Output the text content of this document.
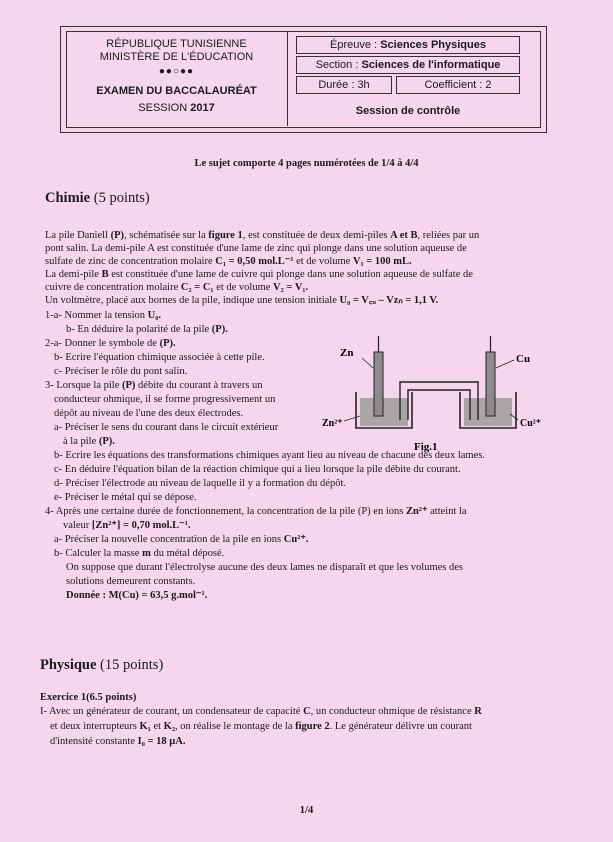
RÉPUBLIQUE TUNISIENNE
MINISTÈRE DE L'ÉDUCATION
●●○●●
EXAMEN DU BACCALAURÉAT
SESSION 2017
Épreuve :
Sciences Physiques
Section :
Sciences de l'informatique
Durée : 3h	Coefficient : 2
Session de contrôle
Le sujet comporte 4 pages numérotées de 1/4 à 4/4
Chimie (5 points)
La pile Daniell (P), schématisée sur la figure 1, est constituée de deux demi-piles A et B, reliées par un
pont salin. La demi-pile A est constituée d'une lame de zinc qui plonge dans une solution aqueuse de
sulfate de zinc de concentration molaire C₁ = 0,50 mol.L⁻¹ et de volume V₁ = 100 mL.
La demi-pile B est constituée d'une lame de cuivre qui plonge dans une solution aqueuse de sulfate de
cuivre de concentration molaire C₂ = C₁ et de volume V₂ = V₁.
Un voltmètre, placé aux bornes de la pile, indique une tension initiale U₀ = V꜀ᵤ – Vzₙ = 1,1 V.
1-a- Nommer la tension U₀.
b- En déduire la polarité de la pile (P).
2-a- Donner le symbole de (P).
b- Ecrire l'équation chimique associée à cette pile.
c- Préciser le rôle du pont salin.
3- Lorsque la pile (P) débite du courant à travers un
conducteur ohmique, il se forme progressivement un
dépôt au niveau de l'une des deux électrodes.
a- Préciser le sens du courant dans le circuit extérieur
à la pile (P).
b- Ecrire les équations des transformations chimiques ayant lieu au niveau de chacune des deux lames.
c- En déduire l'équation bilan de la réaction chimique qui a lieu lorsque la pile débite du courant.
d- Préciser l'électrode au niveau de laquelle il y a formation du dépôt.
e- Préciser le métal qui se dépose.
4- Après une certaine durée de fonctionnement, la concentration de la pile (P) en ions Zn²⁺ atteint la
valeur [Zn²⁺] = 0,70 mol.L⁻¹.
a- Préciser la nouvelle concentration de la pile en ions Cu²⁺.
b- Calculer la masse m du métal déposé.
On suppose que durant l'électrolyse aucune des deux lames ne disparaît et que les volumes des
solutions demeurent constants.
Donnée : M(Cu) = 63,5 g.mol⁻¹.
Zn	Cu
Zn²⁺	Cu²⁺
Fig.1
Physique (15 points)
Exercice 1(6.5 points)
I- Avec un générateur de courant, un condensateur de capacité C, un conducteur ohmique de résistance R
et deux interrupteurs K₁ et K₂, on réalise le montage de la figure 2. Le générateur délivre un courant
d'intensité constante I₀ = 18 µA.
1/4
